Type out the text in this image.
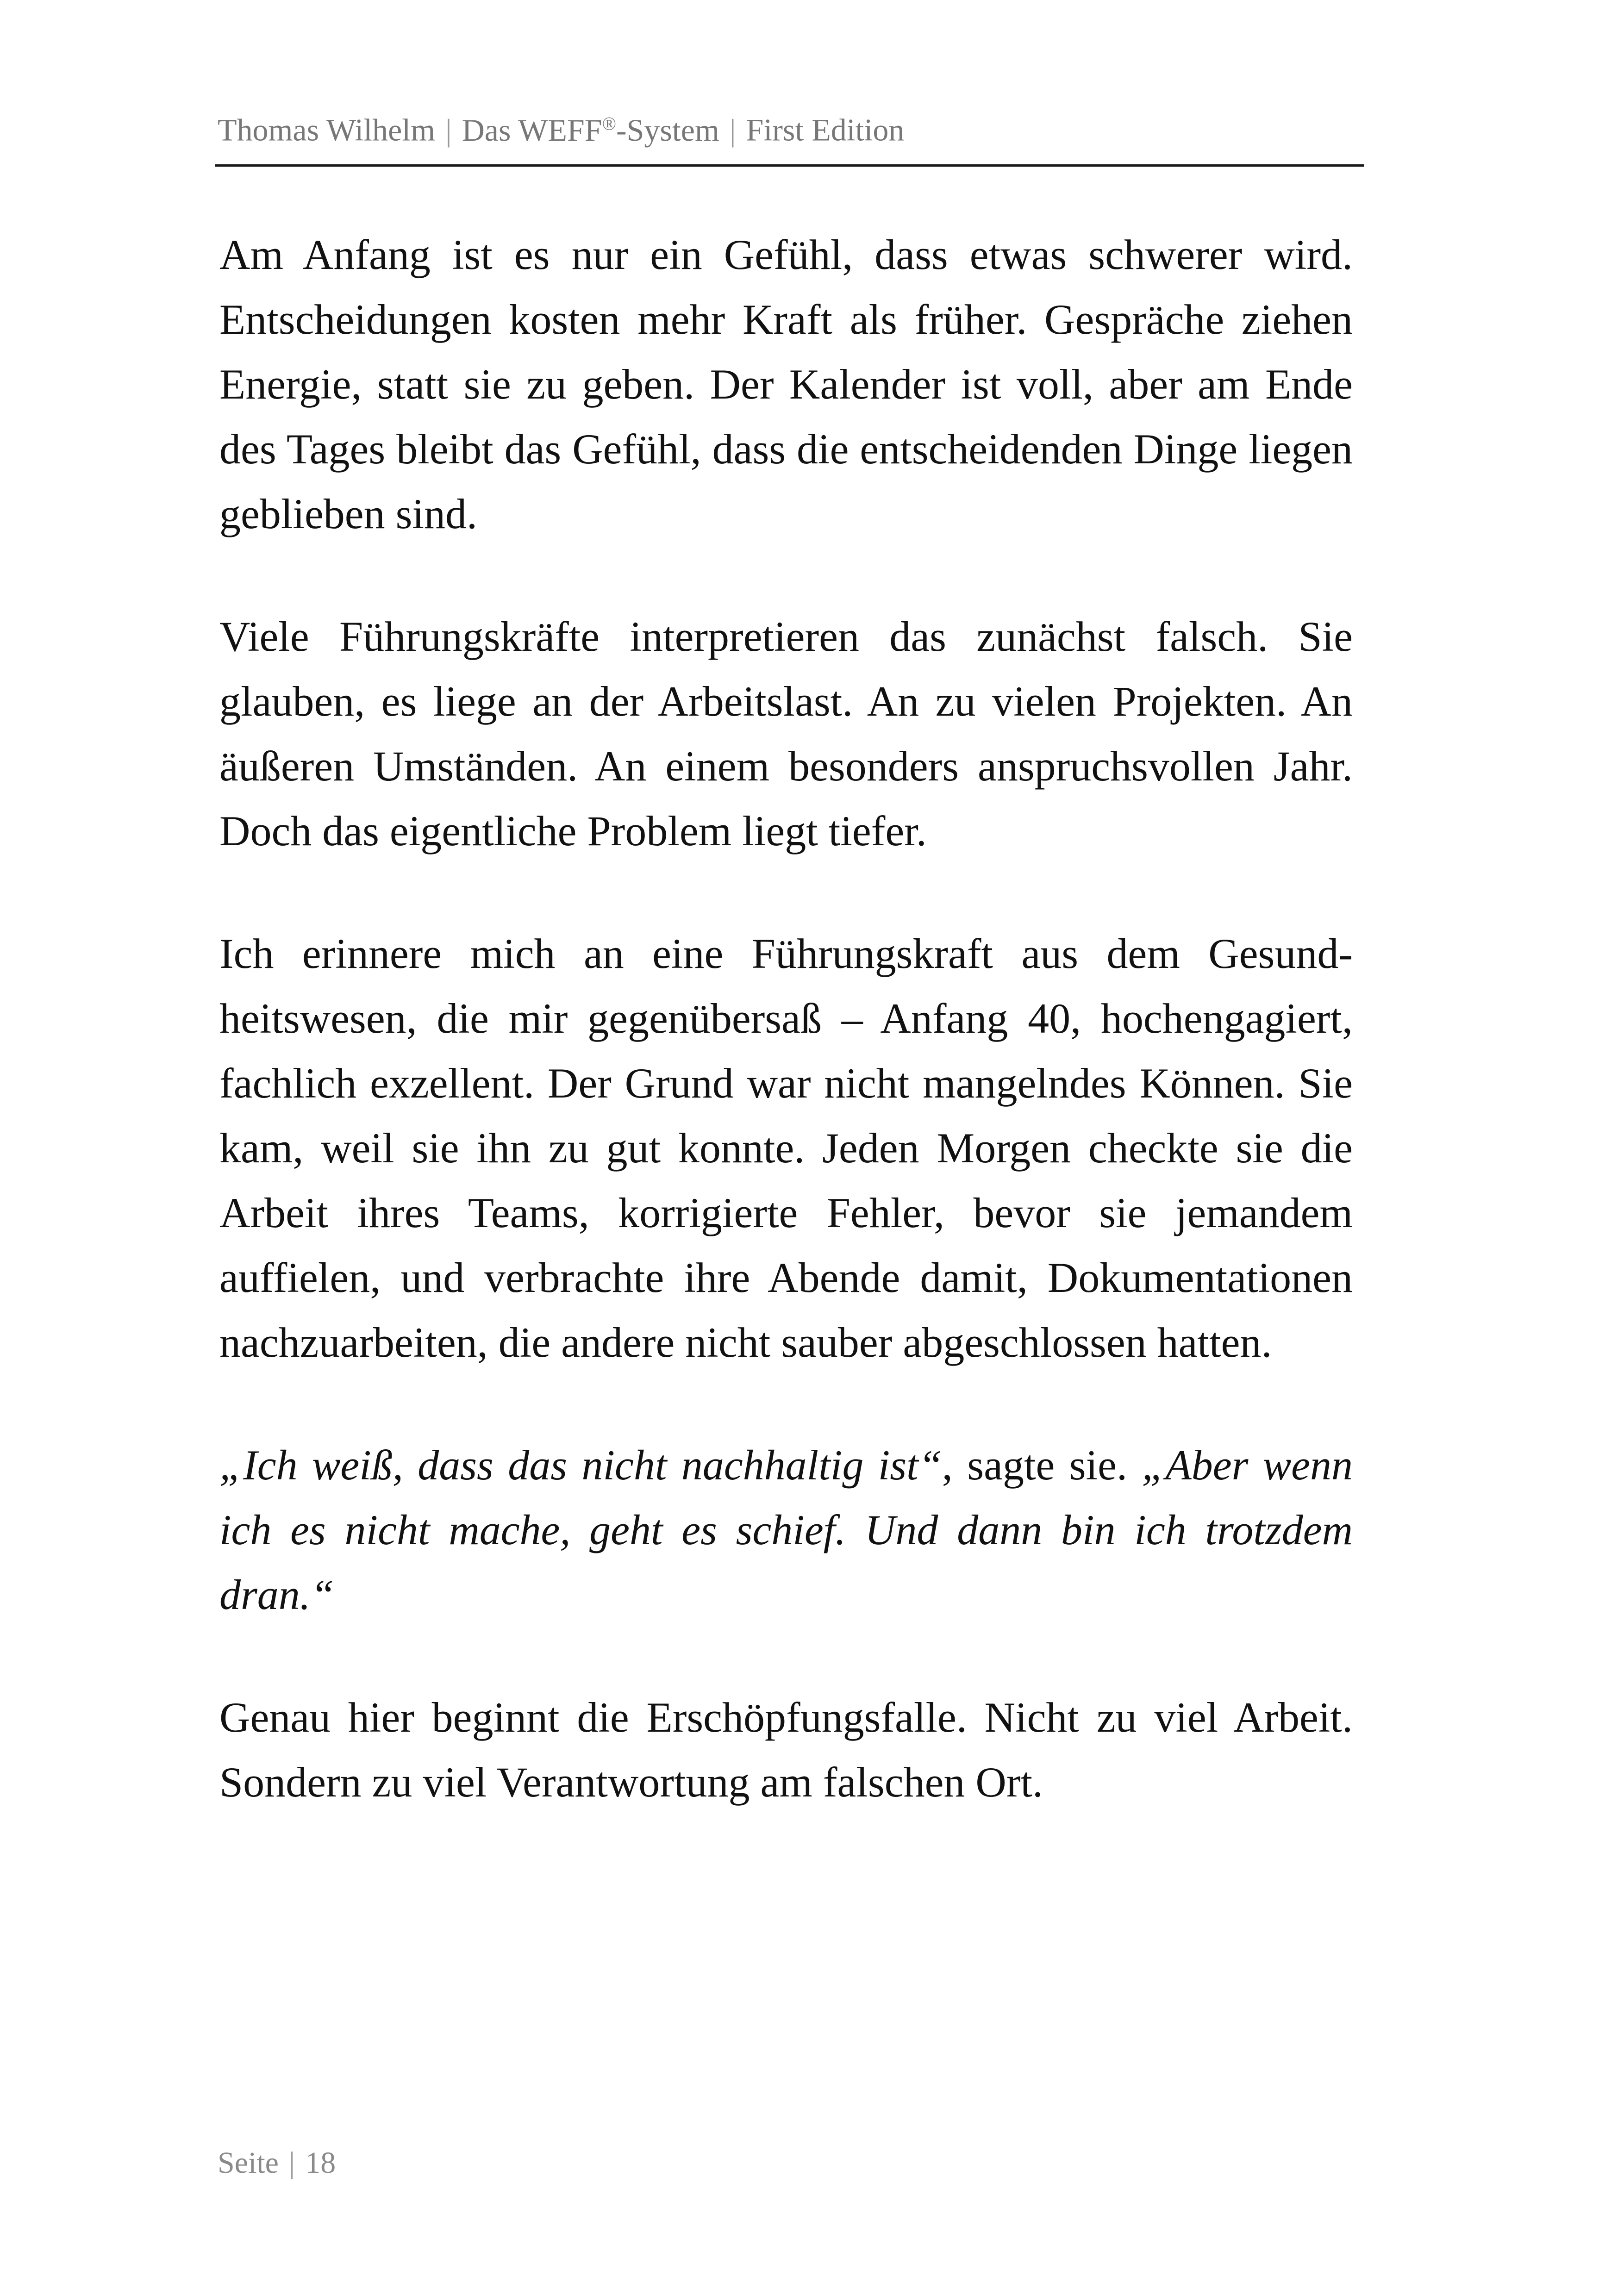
Thomas Wilhelm | Das WEFF®-System | First Edition

Am Anfang ist es nur ein Gefühl, dass etwas schwerer wird. Entscheidungen kosten mehr Kraft als früher. Gespräche ziehen Energie, statt sie zu geben. Der Kalender ist voll, aber am Ende des Tages bleibt das Gefühl, dass die entscheidenden Dinge liegen geblieben sind.

Viele Führungskräfte interpretieren das zunächst falsch. Sie glauben, es liege an der Arbeitslast. An zu vielen Projekten. An äußeren Umständen. An einem besonders anspruchsvollen Jahr. Doch das eigentliche Problem liegt tiefer.

Ich erinnere mich an eine Führungskraft aus dem Gesundheitswesen, die mir gegenübersaß – Anfang 40, hochengagiert, fachlich exzellent. Der Grund war nicht mangelndes Können. Sie kam, weil sie ihn zu gut konnte. Jeden Morgen checkte sie die Arbeit ihres Teams, korrigierte Fehler, bevor sie jemandem auffielen, und verbrachte ihre Abende damit, Dokumentationen nachzuarbeiten, die andere nicht sauber abgeschlossen hatten.

„Ich weiß, dass das nicht nachhaltig ist“, sagte sie. „Aber wenn ich es nicht mache, geht es schief. Und dann bin ich trotzdem dran.“

Genau hier beginnt die Erschöpfungsfalle. Nicht zu viel Arbeit. Sondern zu viel Verantwortung am falschen Ort.

Seite | 18
